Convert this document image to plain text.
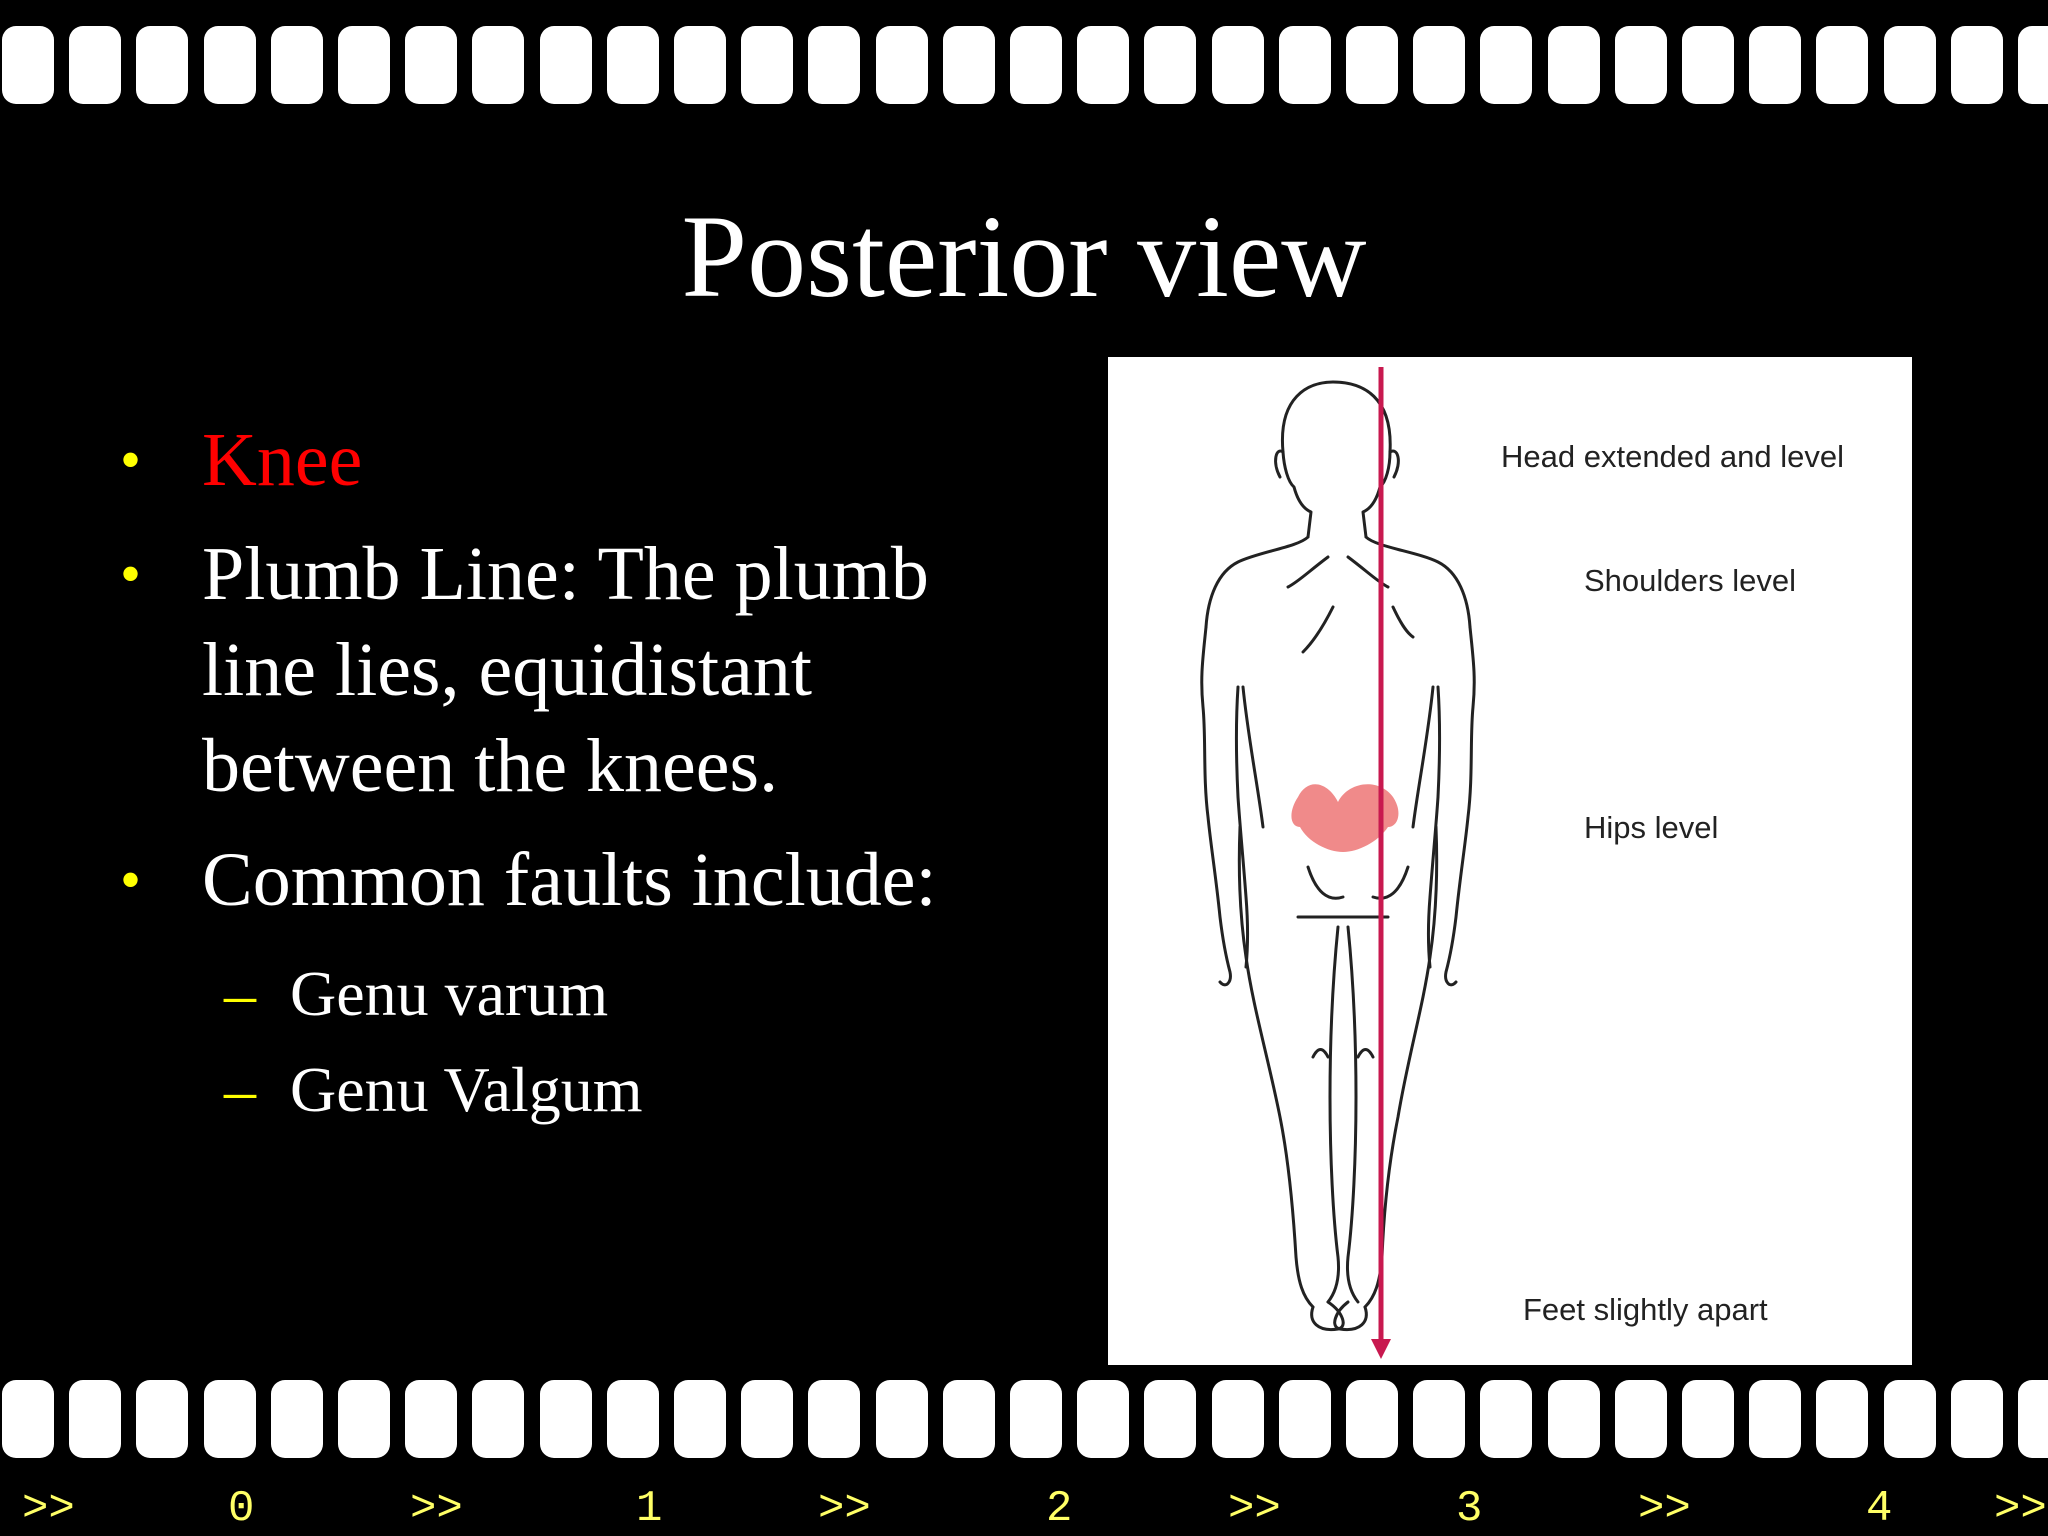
Posterior view
• Knee
• Plumb Line: The plumb line lies, equidistant between the knees.
• Common faults include:
– Genu varum
– Genu Valgum
Head extended and level
Shoulders level
Hips level
Feet slightly apart
>>	0	>>	1	>>	2	>>	3	>>	4 >>
